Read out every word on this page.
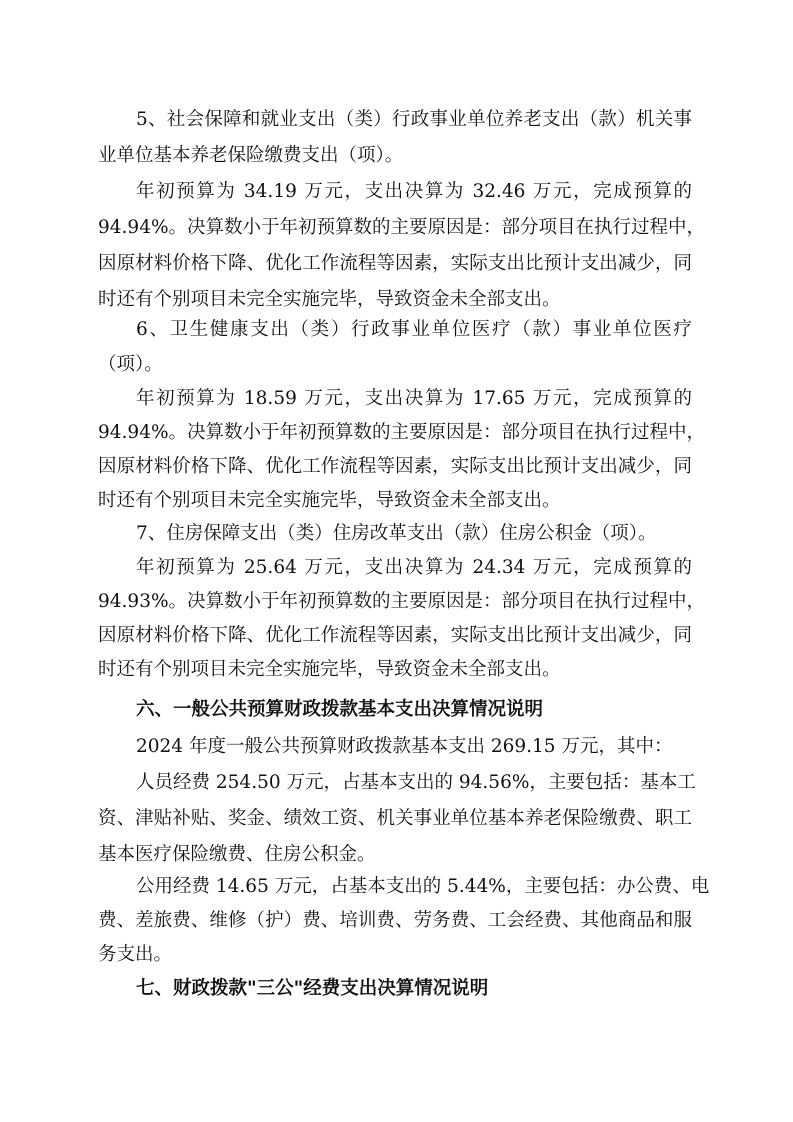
5、社会保障和就业支出（类）行政事业单位养老支出（款）机关事
业单位基本养老保险缴费支出（项）。
年初预算为 34.19 万元，支出决算为 32.46 万元，完成预算的
94.94%。决算数小于年初预算数的主要原因是：部分项目在执行过程中，
因原材料价格下降、优化工作流程等因素，实际支出比预计支出减少，同
时还有个别项目未完全实施完毕，导致资金未全部支出。
6、卫生健康支出（类）行政事业单位医疗（款）事业单位医疗
（项）。
年初预算为 18.59 万元，支出决算为 17.65 万元，完成预算的
94.94%。决算数小于年初预算数的主要原因是：部分项目在执行过程中，
因原材料价格下降、优化工作流程等因素，实际支出比预计支出减少，同
时还有个别项目未完全实施完毕，导致资金未全部支出。
7、住房保障支出（类）住房改革支出（款）住房公积金（项）。
年初预算为 25.64 万元，支出决算为 24.34 万元，完成预算的
94.93%。决算数小于年初预算数的主要原因是：部分项目在执行过程中，
因原材料价格下降、优化工作流程等因素，实际支出比预计支出减少，同
时还有个别项目未完全实施完毕，导致资金未全部支出。
六、一般公共预算财政拨款基本支出决算情况说明
2024 年度一般公共预算财政拨款基本支出 269.15 万元，其中：
人员经费 254.50 万元，占基本支出的 94.56%，主要包括：基本工
资、津贴补贴、奖金、绩效工资、机关事业单位基本养老保险缴费、职工
基本医疗保险缴费、住房公积金。
公用经费 14.65 万元，占基本支出的 5.44%，主要包括：办公费、电
费、差旅费、维修（护）费、培训费、劳务费、工会经费、其他商品和服
务支出。
七、财政拨款"三公"经费支出决算情况说明
